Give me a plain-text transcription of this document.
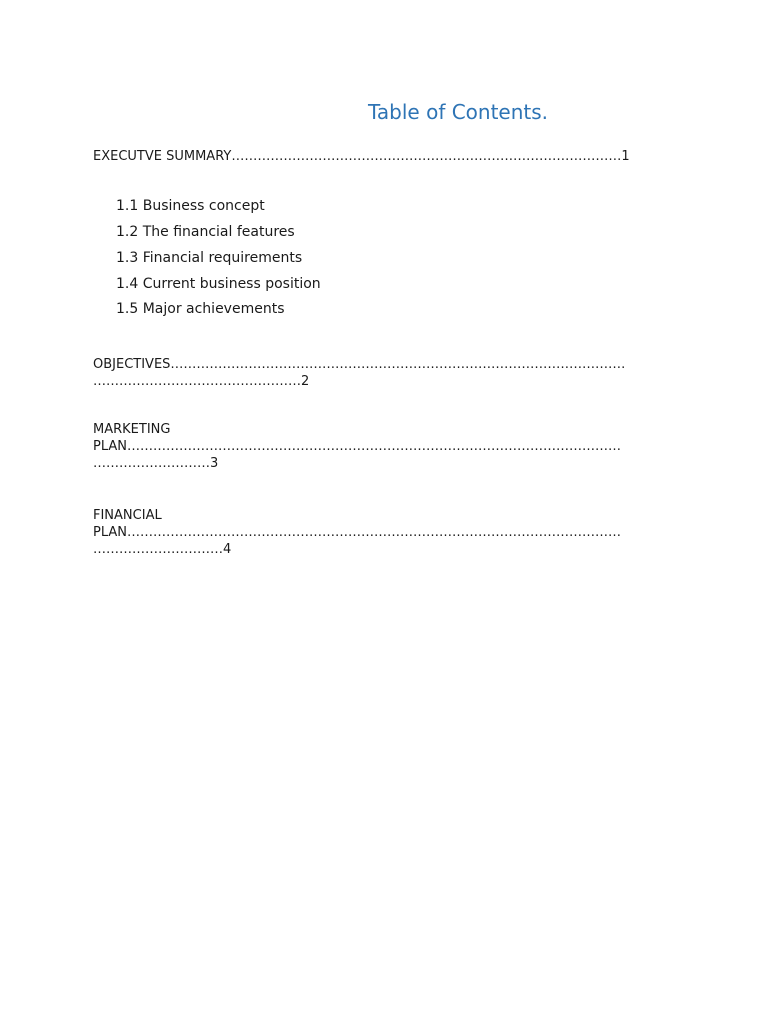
Table of Contents.
EXECUTVE SUMMARY………………………………………………………………………………1
1.1 Business concept
1.2 The financial features
1.3 Financial requirements
1.4 Current business position
1.5 Major achievements
OBJECTIVES……………………………………………………………………………………………
…………………………………………2
MARKETING
PLAN……………………………………………………………………………………………………
………………………3
FINANCIAL
PLAN……………………………………………………………………………………………………
…………………………4
